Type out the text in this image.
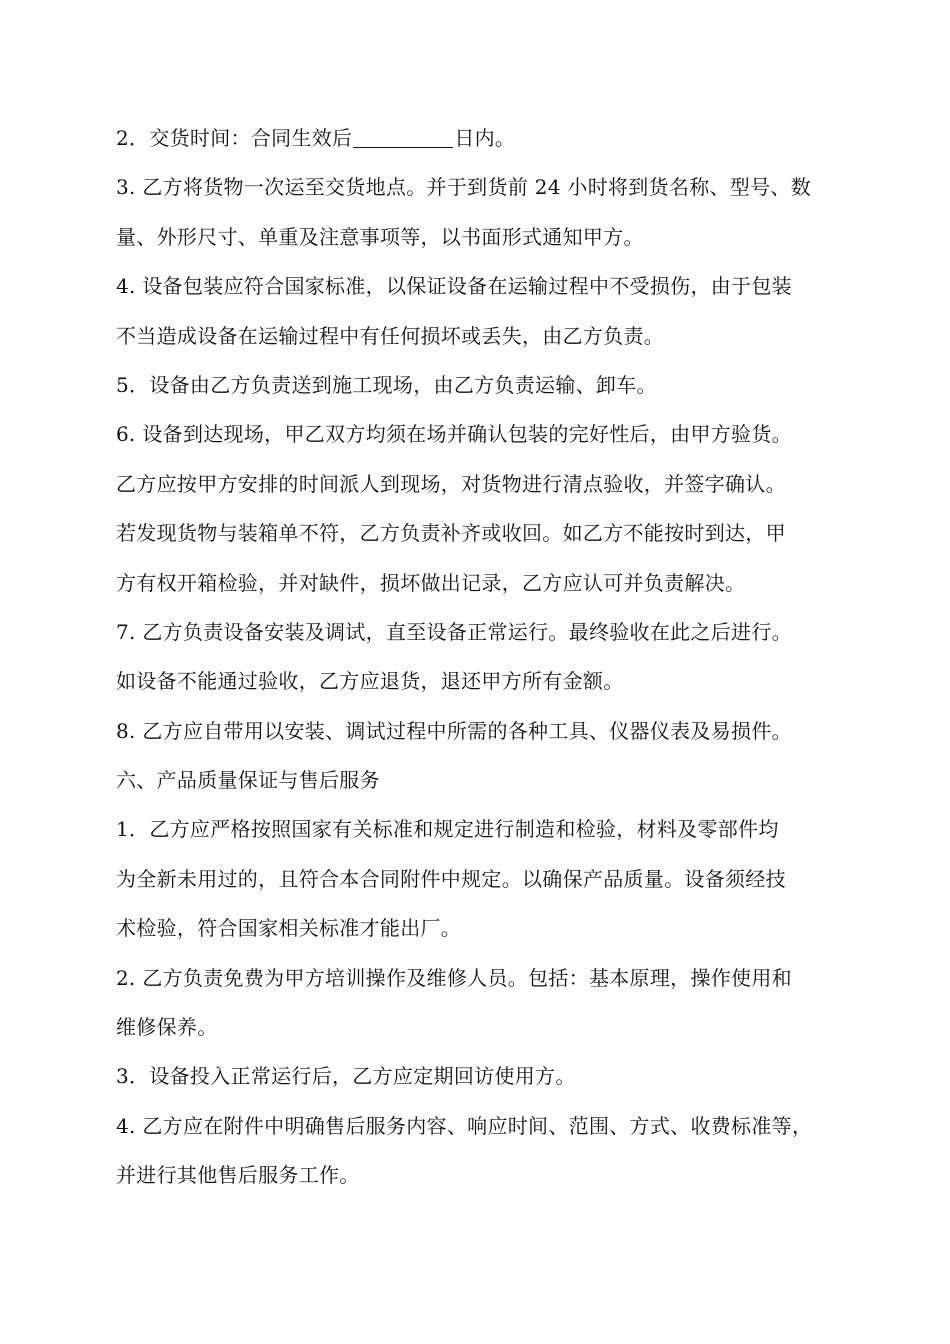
2．交货时间：合同生效后	日内。
3. 乙方将货物一次运至交货地点。并于到货前 24 小时将到货名称、型号、数
量、外形尺寸、单重及注意事项等，以书面形式通知甲方。
4. 设备包装应符合国家标准，以保证设备在运输过程中不受损伤，由于包装
不当造成设备在运输过程中有任何损坏或丢失，由乙方负责。
5．设备由乙方负责送到施工现场，由乙方负责运输、卸车。
6. 设备到达现场，甲乙双方均须在场并确认包装的完好性后，由甲方验货。
乙方应按甲方安排的时间派人到现场，对货物进行清点验收，并签字确认。
若发现货物与装箱单不符，乙方负责补齐或收回。如乙方不能按时到达，甲
方有权开箱检验，并对缺件，损坏做出记录，乙方应认可并负责解决。
7. 乙方负责设备安装及调试，直至设备正常运行。最终验收在此之后进行。
如设备不能通过验收，乙方应退货，退还甲方所有金额。
8. 乙方应自带用以安装、调试过程中所需的各种工具、仪器仪表及易损件。
六、产品质量保证与售后服务
1．乙方应严格按照国家有关标准和规定进行制造和检验，材料及零部件均
为全新未用过的，且符合本合同附件中规定。以确保产品质量。设备须经技
术检验，符合国家相关标准才能出厂。
2. 乙方负责免费为甲方培训操作及维修人员。包括：基本原理，操作使用和
维修保养。
3．设备投入正常运行后，乙方应定期回访使用方。
4. 乙方应在附件中明确售后服务内容、响应时间、范围、方式、收费标准等，
并进行其他售后服务工作。
